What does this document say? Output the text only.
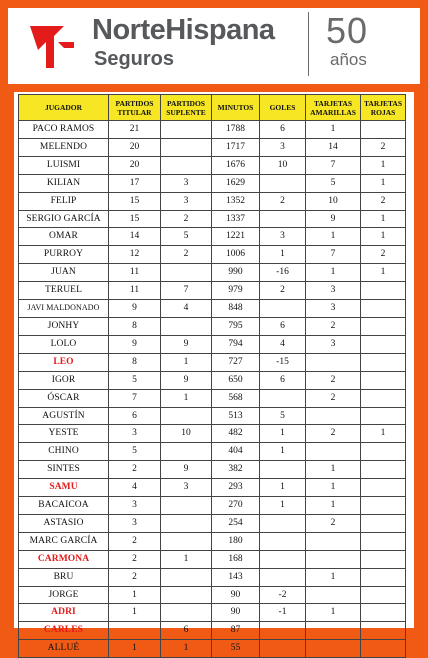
NorteHispana
Seguros
50
años
JUGADOR	PARTIDOS TITULAR	PARTIDOS SUPLENTE	MINUTOS	GOLES	TARJETAS AMARILLAS	TARJETAS ROJAS
PACO RAMOS	21		1788	6	1	
MELENDO	20		1717	3	14	2
LUISMI	20		1676	10	7	1
KILIAN	17	3	1629		5	1
FELIP	15	3	1352	2	10	2
SERGIO GARCÍA	15	2	1337		9	1
OMAR	14	5	1221	3	1	1
PURROY	12	2	1006	1	7	2
JUAN	11		990	-16	1	1
TERUEL	11	7	979	2	3	
JAVI MALDONADO	9	4	848		3	
JONHY	8		795	6	2	
LOLO	9	9	794	4	3	
LEO	8	1	727	-15		
IGOR	5	9	650	6	2	
ÓSCAR	7	1	568		2	
AGUSTÍN	6		513	5		
YESTE	3	10	482	1	2	1
CHINO	5		404	1		
SINTES	2	9	382		1	
SAMU	4	3	293	1	1	
BACAICOA	3		270	1	1	
ASTASIO	3		254		2	
MARC GARCÍA	2		180			
CARMONA	2	1	168			
BRU	2		143		1	
JORGE	1		90	-2		
ADRI	1		90	-1	1	
CARLES		6	87			
ALLUÉ	1	1	55			
